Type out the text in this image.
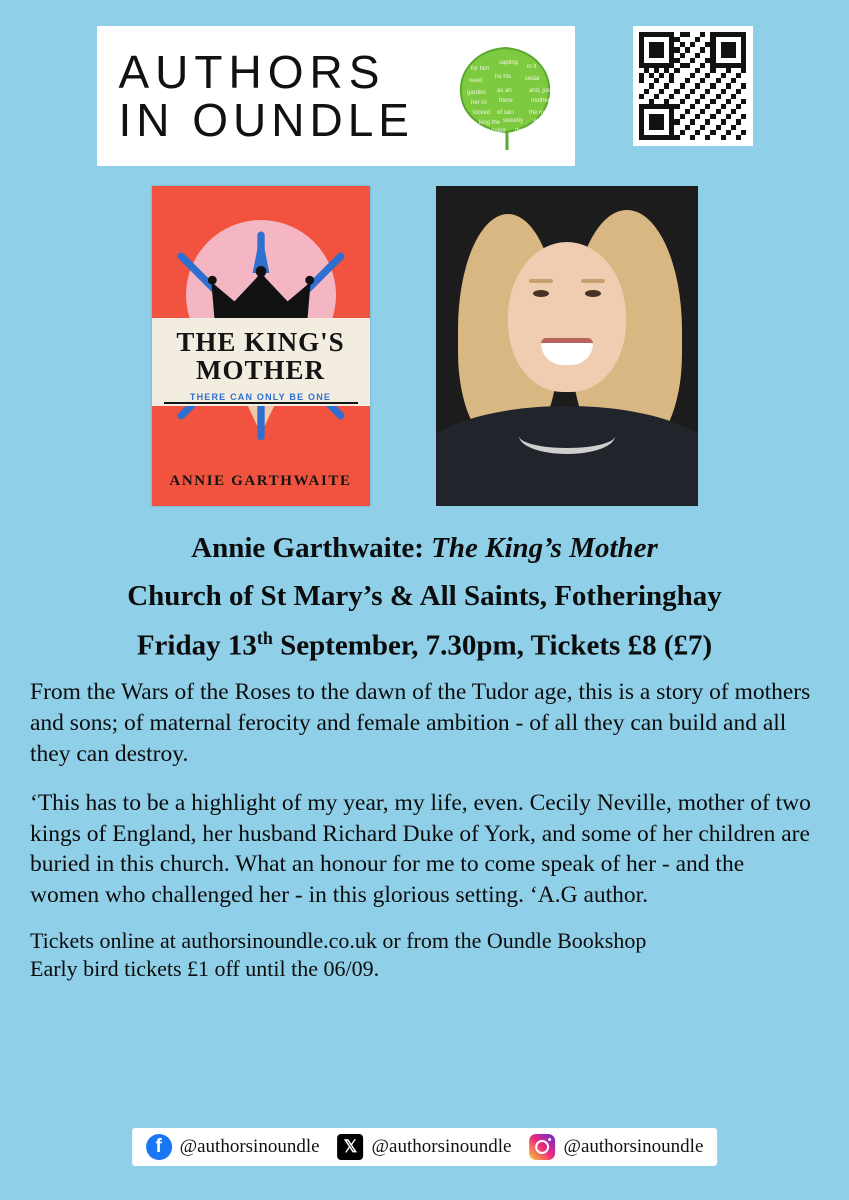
AUTHORS
IN OUNDLE
for him
sapling
in it
need
he his cedar
garden as an	and, just
her ro there	mother
locked of rain	the men
king the sweetly against
the major the	it
THE KING'S
MOTHER
THERE CAN ONLY BE ONE
ANNIE GARTHWAITE
Annie Garthwaite: The King’s Mother
Church of St Mary’s & All Saints, Fotheringhay
Friday 13th September, 7.30pm, Tickets £8 (£7)

From the Wars of the Roses to the dawn of the Tudor age, this is a story of mothers and sons; of maternal ferocity and female ambition - of all they can build and all they can destroy.

‘This has to be a highlight of my year, my life, even. Cecily Neville, mother of two kings of England, her husband Richard Duke of York, and some of her children are buried in this church. What an honour for me to come speak of her - and the women who challenged her - in this glorious setting. ‘A.G author.

Tickets online at authorsinoundle.co.uk or from the Oundle Bookshop
Early bird tickets £1 off until the 06/09.

f @authorsinoundle	𝕏 @authorsinoundle	@authorsinoundle
